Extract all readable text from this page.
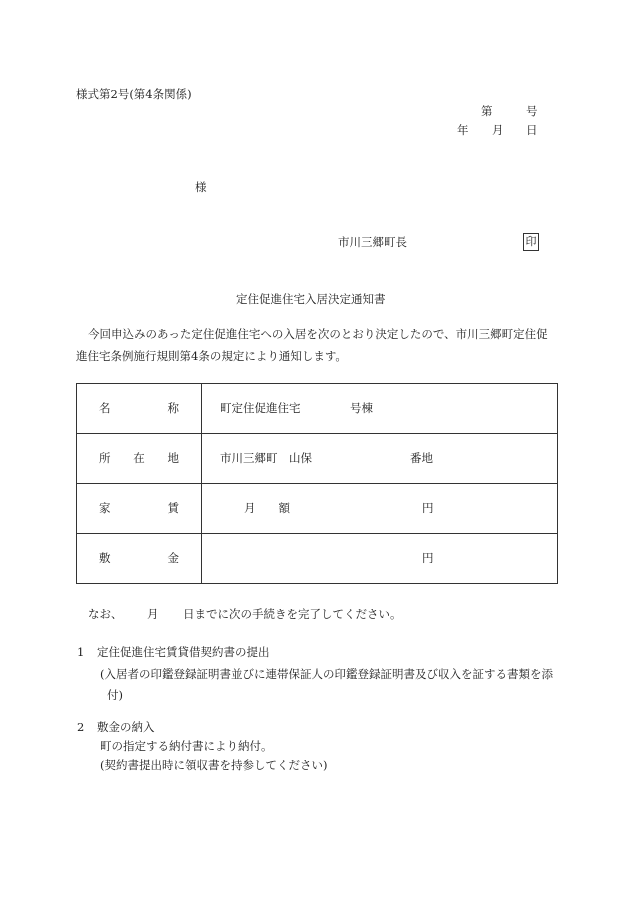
様式第2号(第4条関係)
第	号
年 月 日
様
市川三郷町長	印
定住促進住宅入居決定通知書
今回申込みのあった定住促進住宅への入居を次のとおり決定したので、市川三郷町定住促進住宅条例施行規則第4条の規定により通知します。
名 称	町定住促進住宅 号棟

所 在 地	市川三郷町　山保 番地

家 賃	月　　額 円

敷 金	円
なお、 月 日までに次の手続きを完了してください。
1 定住促進住宅賃貸借契約書の提出
(入居者の印鑑登録証明書並びに連帯保証人の印鑑登録証明書及び収入を証する書類を添付)
2 敷金の納入
町の指定する納付書により納付。
(契約書提出時に領収書を持参してください)
